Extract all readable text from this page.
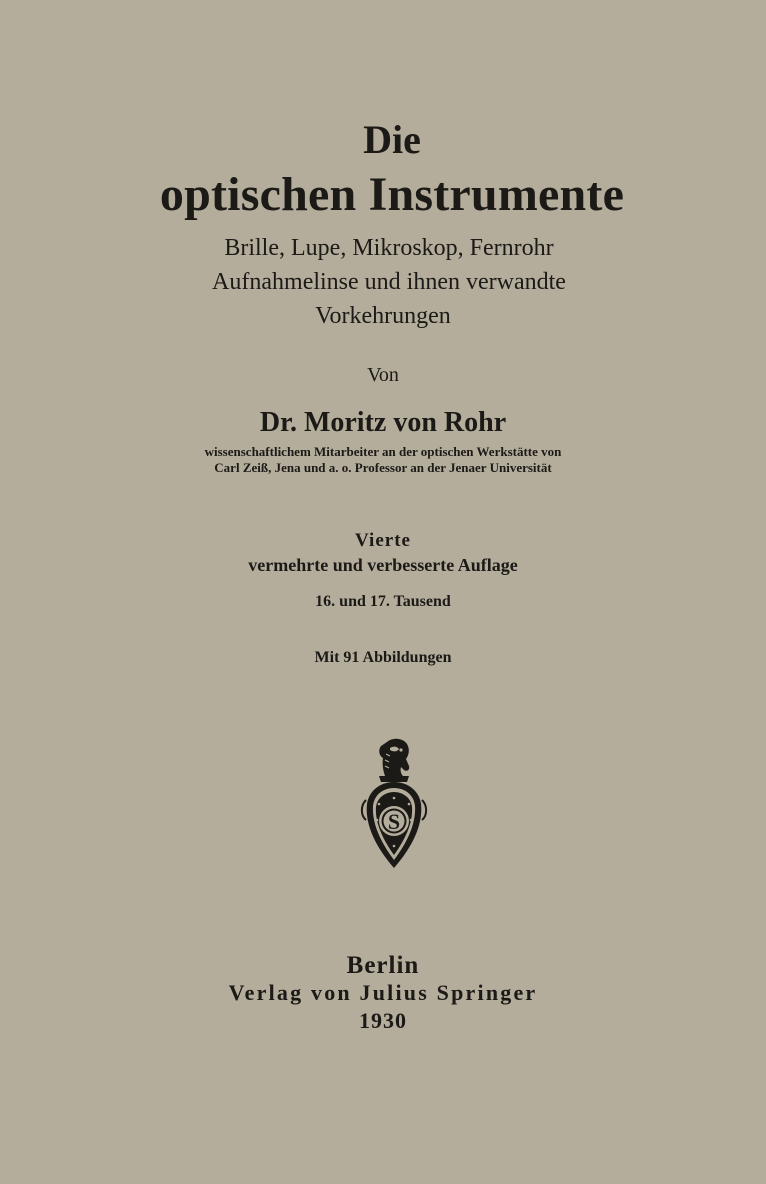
Die
optischen Instrumente
Brille, Lupe, Mikroskop, Fernrohr
Aufnahmelinse und ihnen verwandte
Vorkehrungen
Von
Dr. Moritz von Rohr
wissenschaftlichem Mitarbeiter an der optischen Werkstätte von
Carl Zeiß, Jena und a. o. Professor an der Jenaer Universität
Vierte
vermehrte und verbesserte Auflage
16. und 17. Tausend
Mit 91 Abbildungen
S
Berlin
Verlag von Julius Springer
1930
